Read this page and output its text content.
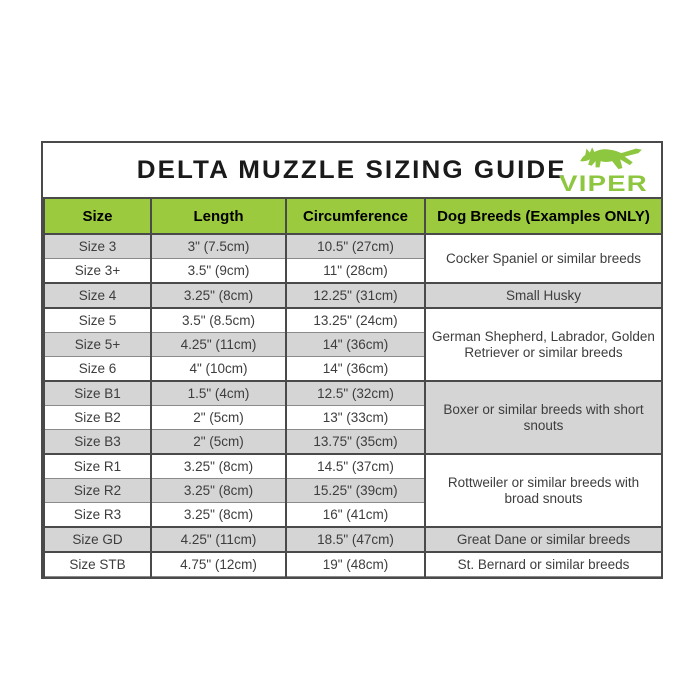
DELTA MUZZLE SIZING GUIDE
VIPER
Size	Length	Circumference	Dog Breeds (Examples ONLY)
Size 3	3" (7.5cm)	10.5" (27cm)	Cocker Spaniel or similar breeds
Size 3+	3.5" (9cm)	11" (28cm)	
Size 4	3.25" (8cm)	12.25" (31cm)	Small Husky
Size 5	3.5" (8.5cm)	13.25" (24cm)	German Shepherd, Labrador, Golden Retriever or similar breeds
Size 5+	4.25" (11cm)	14" (36cm)	
Size 6	4" (10cm)	14" (36cm)	
Size B1	1.5" (4cm)	12.5" (32cm)	Boxer or similar breeds with short snouts
Size B2	2" (5cm)	13" (33cm)	
Size B3	2" (5cm)	13.75" (35cm)	
Size R1	3.25" (8cm)	14.5" (37cm)	Rottweiler or similar breeds with broad snouts
Size R2	3.25" (8cm)	15.25" (39cm)	
Size R3	3.25" (8cm)	16" (41cm)	
Size GD	4.25" (11cm)	18.5" (47cm)	Great Dane or similar breeds
Size STB	4.75" (12cm)	19" (48cm)	St. Bernard or similar breeds
